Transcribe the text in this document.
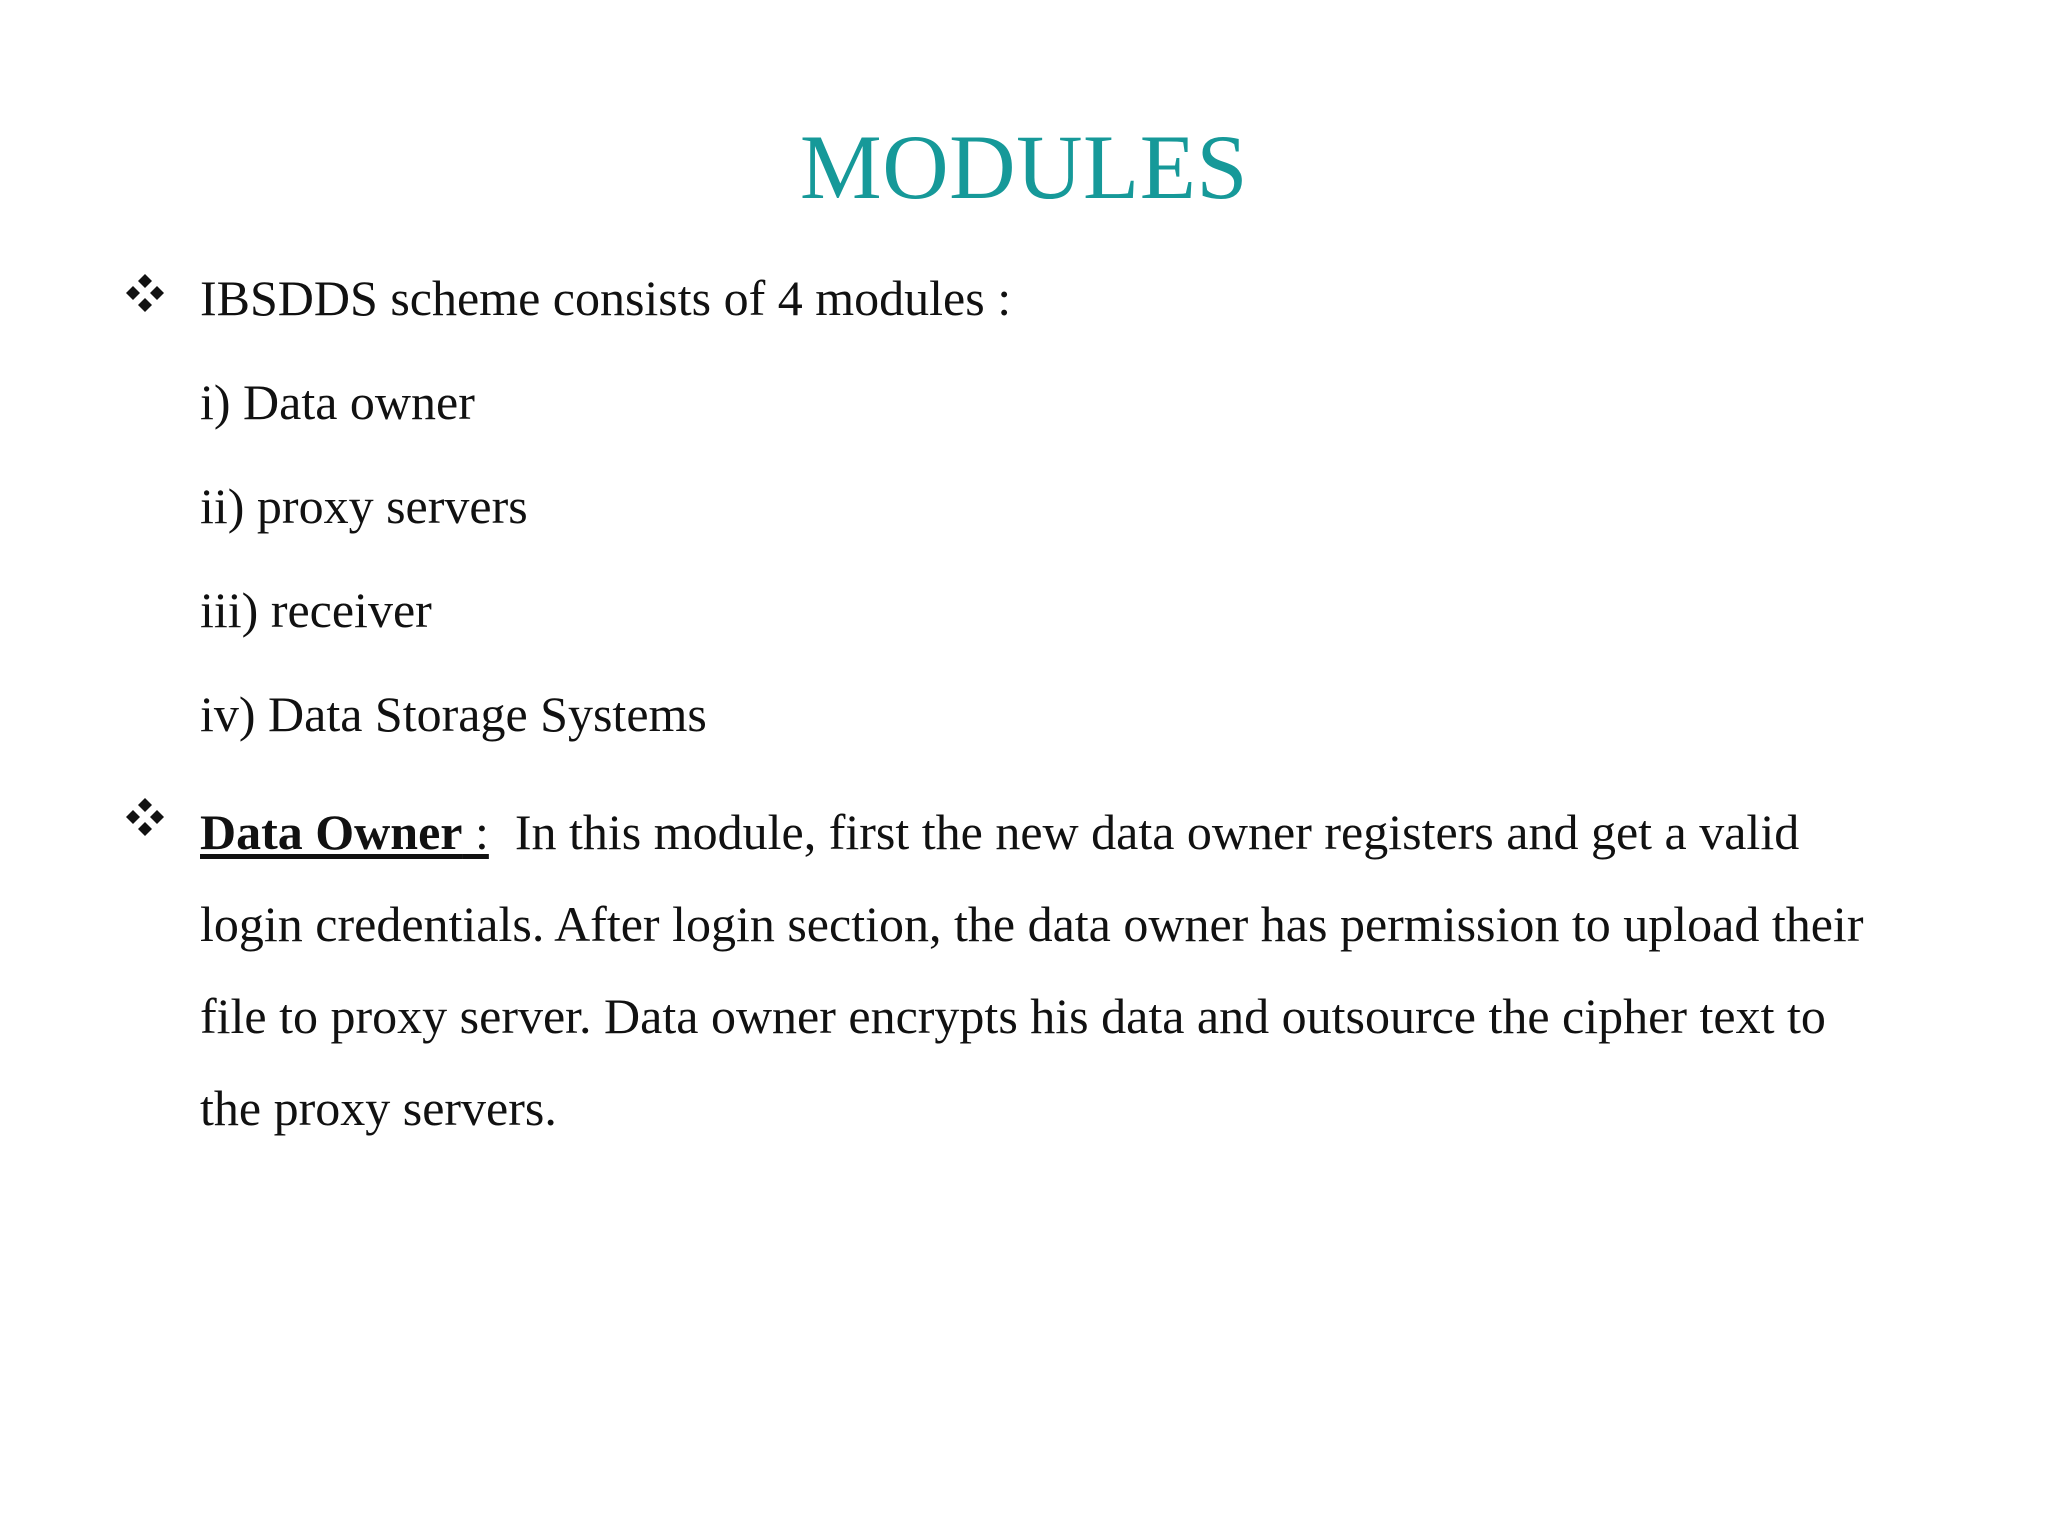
MODULES
IBSDDS scheme consists of 4 modules :
i) Data owner
ii) proxy servers
iii) receiver
iv) Data Storage Systems
Data Owner : In this module, first the new data owner registers and get a valid
login credentials. After login section, the data owner has permission to upload their
file to proxy server. Data owner encrypts his data and outsource the cipher text to
the proxy servers.
